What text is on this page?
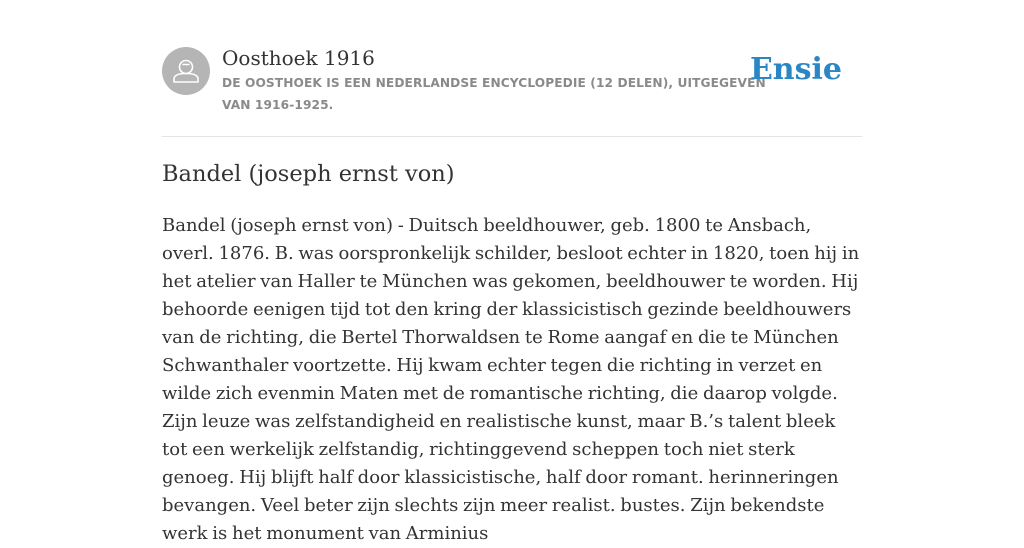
Oosthoek 1916
DE OOSTHOEK IS EEN NEDERLANDSE ENCYCLOPEDIE (12 DELEN), UITGEGEVEN VAN 1916-1925.
Ensie
Bandel (joseph ernst von)

Bandel (joseph ernst von) - Duitsch beeldhouwer, geb. 1800 te Ansbach, overl. 1876. B. was oorspronkelijk schilder, besloot echter in 1820, toen hij in het atelier van Haller te München was gekomen, beeldhouwer te worden. Hij behoorde eenigen tijd tot den kring der klassicistisch gezinde beeldhouwers van de richting, die Bertel Thorwaldsen te Rome aangaf en die te München Schwanthaler voortzette. Hij kwam echter tegen die richting in verzet en wilde zich evenmin Maten met de romantische richting, die daarop volgde. Zijn leuze was zelfstandigheid en realistische kunst, maar B.’s talent bleek tot een werkelijk zelfstandig, richtinggevend scheppen toch niet sterk genoeg. Hij blijft half door klassicistische, half door romant. herinneringen bevangen. Veel beter zijn slechts zijn meer realist. bustes. Zijn bekendste werk is het monument van Arminius
